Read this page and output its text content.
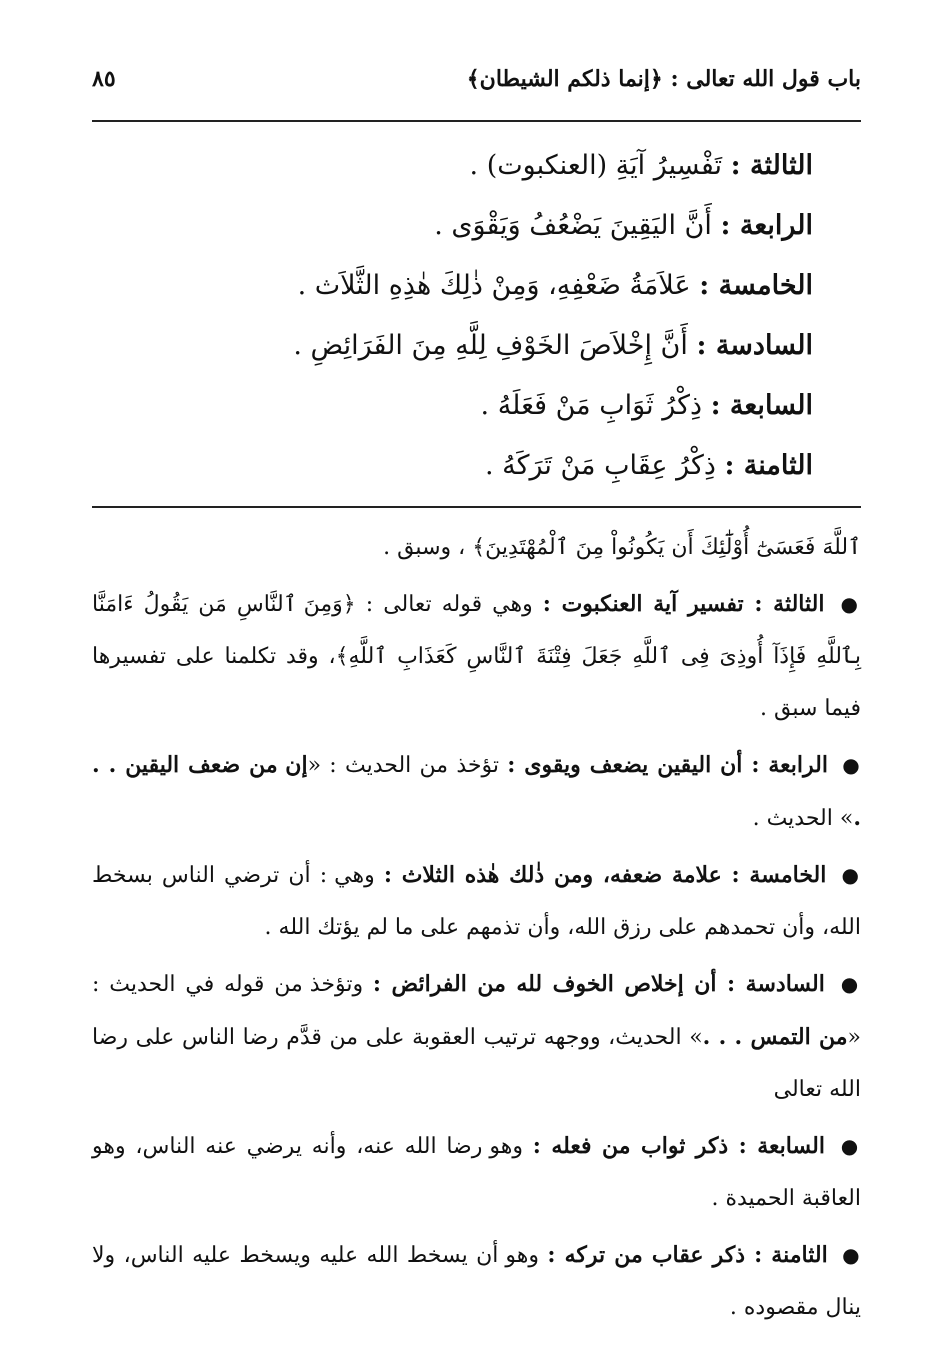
باب قول الله تعالى : ﴿إنما ذلكم الشيطان﴾
٨٥
الثالثة : تَفْسِيرُ آيَةِ (العنكبوت) .
الرابعة : أَنَّ اليَقِينَ يَضْعُفُ وَيَقْوَى .
الخامسة : عَلاَمَةُ ضَعْفِهِ، وَمِنْ ذٰلِكَ هٰذِهِ الثَّلاَث .
السادسة : أَنَّ إِخْلاَصَ الخَوْفِ لِلَّهِ مِنَ الفَرَائِضِ .
السابعة : ذِكْرُ ثَوَابِ مَنْ فَعَلَهُ .
الثامنة : ذِكْرُ عِقَابِ مَنْ تَرَكَهُ .

ٱللَّهَ فَعَسَىٰٓ أُوْلَٰٓئِكَ أَن يَكُونُواْ مِنَ ٱلْمُهْتَدِينَ﴾ ، وسبق .

● الثالثة : تفسير آية العنكبوت : وهي قوله تعالى : ﴿وَمِنَ ٱلنَّاسِ مَن يَقُولُ ءَامَنَّا بِٱللَّهِ فَإِذَآ أُوذِىَ فِى ٱللَّهِ جَعَلَ فِتْنَةَ ٱلنَّاسِ كَعَذَابِ ٱللَّهِ﴾، وقد تكلمنا على تفسيرها فيما سبق .

● الرابعة : أن اليقين يضعف ويقوى : تؤخذ من الحديث : «إن من ضعف اليقين . . .» الحديث .

● الخامسة : علامة ضعفه، ومن ذٰلك هٰذه الثلاث : وهي : أن ترضي الناس بسخط الله، وأن تحمدهم على رزق الله، وأن تذمهم على ما لم يؤتك الله .

● السادسة : أن إخلاص الخوف لله من الفرائض : وتؤخذ من قوله في الحديث : «من التمس . . .» الحديث، ووجهه ترتيب العقوبة على من قدَّم رضا الناس على رضا الله تعالى

● السابعة : ذكر ثواب من فعله : وهو رضا الله عنه، وأنه يرضي عنه الناس، وهو العاقبة الحميدة .

● الثامنة : ذكر عقاب من تركه : وهو أن يسخط الله عليه ويسخط عليه الناس، ولا ينال مقصوده .
